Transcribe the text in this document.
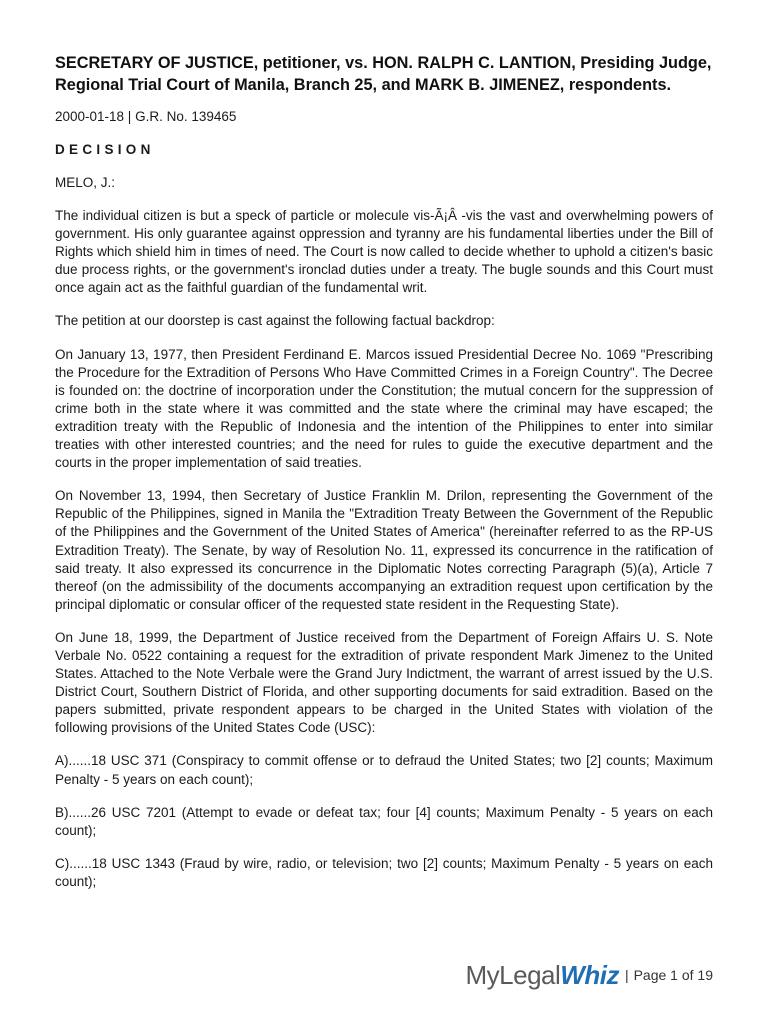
SECRETARY OF JUSTICE, petitioner, vs. HON. RALPH C. LANTION, Presiding Judge, Regional Trial Court of Manila, Branch 25, and MARK B. JIMENEZ, respondents.
2000-01-18 | G.R. No. 139465
DECISION
MELO, J.:

The individual citizen is but a speck of particle or molecule vis-Ã¡Â -vis the vast and overwhelming powers of government. His only guarantee against oppression and tyranny are his fundamental liberties under the Bill of Rights which shield him in times of need. The Court is now called to decide whether to uphold a citizen's basic due process rights, or the government's ironclad duties under a treaty. The bugle sounds and this Court must once again act as the faithful guardian of the fundamental writ.

The petition at our doorstep is cast against the following factual backdrop:

On January 13, 1977, then President Ferdinand E. Marcos issued Presidential Decree No. 1069 "Prescribing the Procedure for the Extradition of Persons Who Have Committed Crimes in a Foreign Country". The Decree is founded on: the doctrine of incorporation under the Constitution; the mutual concern for the suppression of crime both in the state where it was committed and the state where the criminal may have escaped; the extradition treaty with the Republic of Indonesia and the intention of the Philippines to enter into similar treaties with other interested countries; and the need for rules to guide the executive department and the courts in the proper implementation of said treaties.

On November 13, 1994, then Secretary of Justice Franklin M. Drilon, representing the Government of the Republic of the Philippines, signed in Manila the "Extradition Treaty Between the Government of the Republic of the Philippines and the Government of the United States of America" (hereinafter referred to as the RP-US Extradition Treaty). The Senate, by way of Resolution No. 11, expressed its concurrence in the ratification of said treaty. It also expressed its concurrence in the Diplomatic Notes correcting Paragraph (5)(a), Article 7 thereof (on the admissibility of the documents accompanying an extradition request upon certification by the principal diplomatic or consular officer of the requested state resident in the Requesting State).

On June 18, 1999, the Department of Justice received from the Department of Foreign Affairs U. S. Note Verbale No. 0522 containing a request for the extradition of private respondent Mark Jimenez to the United States. Attached to the Note Verbale were the Grand Jury Indictment, the warrant of arrest issued by the U.S. District Court, Southern District of Florida, and other supporting documents for said extradition. Based on the papers submitted, private respondent appears to be charged in the United States with violation of the following provisions of the United States Code (USC):

A)......18 USC 371 (Conspiracy to commit offense or to defraud the United States; two [2] counts; Maximum Penalty - 5 years on each count);

B)......26 USC 7201 (Attempt to evade or defeat tax; four [4] counts; Maximum Penalty - 5 years on each count);

C)......18 USC 1343 (Fraud by wire, radio, or television; two [2] counts; Maximum Penalty - 5 years on each count);

My Legal Whiz | Page 1 of 19
